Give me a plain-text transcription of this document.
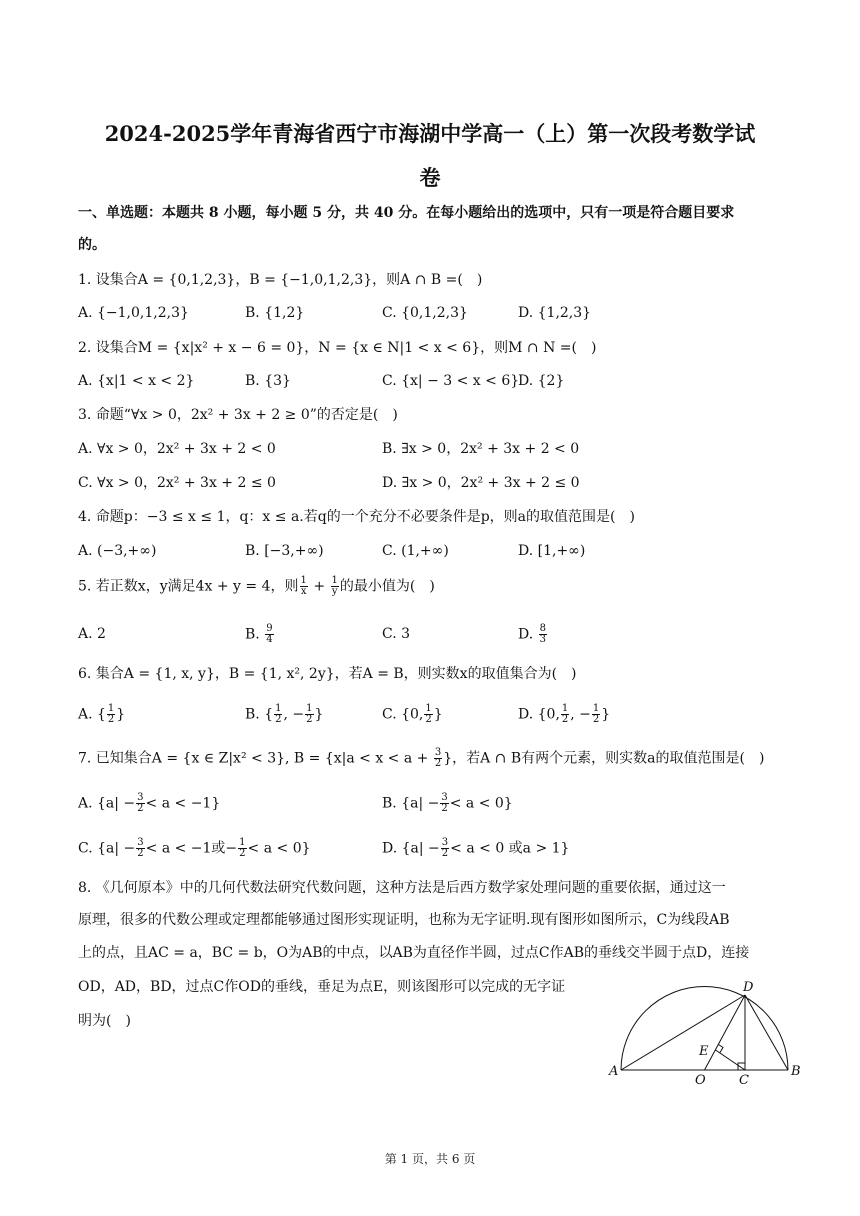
2024-2025学年青海省西宁市海湖中学高一（上）第一次段考数学试
卷
一、单选题：本题共 8 小题，每小题 5 分，共 40 分。在每小题给出的选项中，只有一项是符合题目要求
的。
1. 设集合A = {0,1,2,3}，B = {−1,0,1,2,3}，则A ∩ B =(　)
A. {−1,0,1,2,3}	B. {1,2}	C. {0,1,2,3}	D. {1,2,3}
2. 设集合M = {x|x² + x − 6 = 0}，N = {x ∈ N|1 < x < 6}，则M ∩ N =(　)
A. {x|1 < x < 2}	B. {3}	C. {x| − 3 < x < 6}
D. {2}
3. 命题“∀x > 0，2x² + 3x + 2 ≥ 0”的否定是(　)
A. ∀x > 0，2x² + 3x + 2 < 0	B. ∃x > 0，2x² + 3x + 2 < 0
C. ∀x > 0，2x² + 3x + 2 ≤ 0	D. ∃x > 0，2x² + 3x + 2 ≤ 0
4. 命题p：−3 ≤ x ≤ 1，q：x ≤ a.若q的一个充分不必要条件是p，则a的取值范围是(　)
A. (−3,+∞)	B. [−3,+∞)	C. (1,+∞)	D. [1,+∞)
5. 若正数x，y满足4x + y = 4，则 $\frac{1}{x} + \frac{1}{y}$ 的最小值为(　)
A. 2	B. $\frac{9}{4}$	C. 3	D. $\frac{8}{3}$
6. 集合A = {1, x, y}，B = {1, x², 2y}，若A = B，则实数x的取值集合为(　)
A. { $\frac{1}{2}$ }	B. { $\frac{1}{2}$ , − $\frac{1}{2}$ }	C. {0, $\frac{1}{2}$ }	D. {0, $\frac{1}{2}$ , − $\frac{1}{2}$ }
7. 已知集合A = {x ∈ Z|x² < 3}, $B = \{x|a < x < a + \frac{3}{2}$ }，若A ∩ B有两个元素，则实数a的取值范围是(　)
A. $\{a| - \frac{3}{2} < a < -1\}$	B. $\{a| - \frac{3}{2} < a < 0\}$
C. {$a| - \frac{3}{2} < a < -1$或− $\frac{1}{2} < a < 0$}	D. {$a| - \frac{3}{2} < a < 0$ 或a > 1}
8. 《几何原本》中的几何代数法研究代数问题，这种方法是后西方数学家处理问题的重要依据，通过这一
原理，很多的代数公理或定理都能够通过图形实现证明，也称为无字证明.现有图形如图所示，C为线段AB
上的点，且AC = a，BC = b，O为AB的中点，以AB为直径作半圆，过点C作AB的垂线交半圆于点D，连接
OD，AD，BD，过点C作OD的垂线，垂足为点E，则该图形可以完成的无字证
明为(　)
A	B
C
D
E
O
第 1 页，共 6 页
